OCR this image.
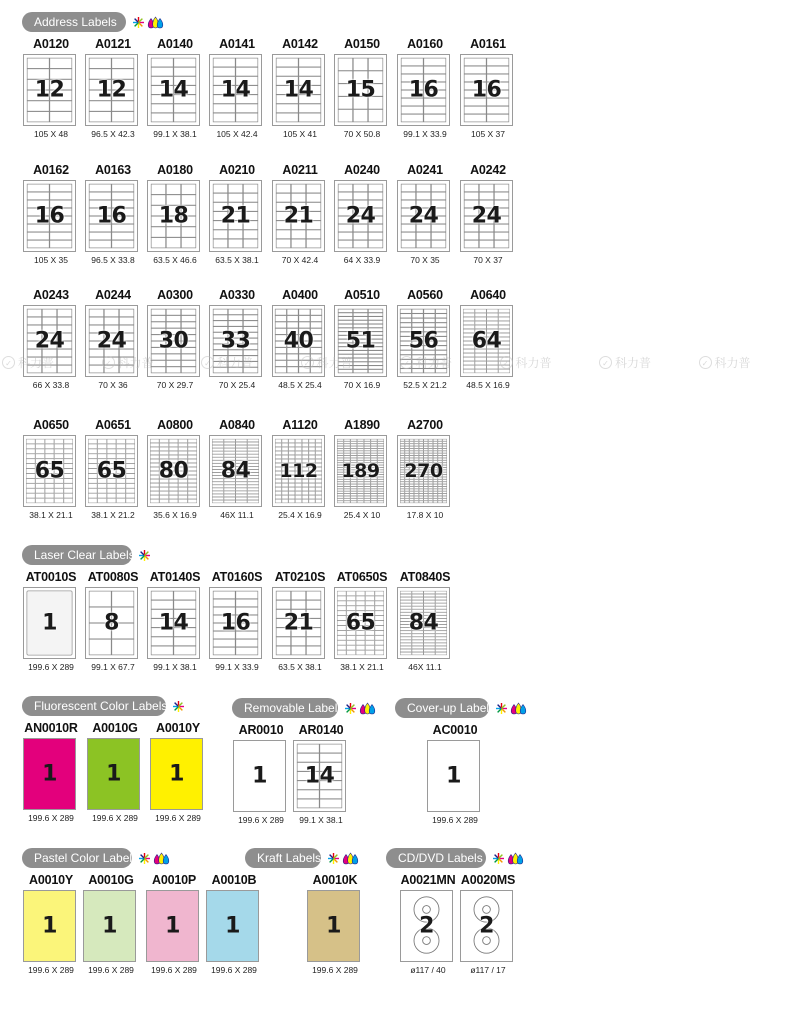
Address Labels
A0120
12
105 X 48
A0121
12
96.5 X 42.3
A0140
14
99.1 X 38.1
A0141
14
105 X 42.4
A0142
14
105 X 41
A0150
15
70 X 50.8
A0160
16
99.1 X 33.9
A0161
16
105 X 37
A0162
16
105 X 35
A0163
16
96.5 X 33.8
A0180
18
63.5 X 46.6
A0210
21
63.5 X 38.1
A0211
21
70 X 42.4
A0240
24
64 X 33.9
A0241
24
70 X 35
A0242
24
70 X 37
A0243
24
66 X 33.8
A0244
24
70 X 36
A0300
30
70 X 29.7
A0330
33
70 X 25.4
A0400
40
48.5 X 25.4
A0510
51
70 X 16.9
A0560
56
52.5 X 21.2
A0640
64
48.5 X 16.9
A0650
65
38.1 X 21.1
A0651
65
38.1 X 21.2
A0800
80
35.6 X 16.9
A0840
84
46X 11.1
A1120
112
25.4 X 16.9
A1890
189
25.4 X 10
A2700
270
17.8 X 10
Laser Clear Labels
AT0010S
1
199.6 X 289
AT0080S
8
99.1 X 67.7
AT0140S
14
99.1 X 38.1
AT0160S
16
99.1 X 33.9
AT0210S
21
63.5 X 38.1
AT0650S
65
38.1 X 21.1
AT0840S
84
46X 11.1
Fluorescent Color Labels
AN0010R
1
199.6 X 289
A0010G
1
199.6 X 289
A0010Y
1
199.6 X 289
Removable Labels
AR0010
1
199.6 X 289
AR0140
14
99.1 X 38.1
Cover-up Labels
AC0010
1
199.6 X 289
Pastel Color Labels
A0010Y
1
199.6 X 289
A0010G
1
199.6 X 289
A0010P
1
199.6 X 289
A0010B
1
199.6 X 289
Kraft Labels
A0010K
1
199.6 X 289
CD/DVD Labels
A0021MN
2
ø117 / 40
A0020MS
2
ø117 / 17
✓ 科力普	✓ 科力普	✓ 科力普	✓ 科力普	✓ 科力普	✓ 科力普	✓ 科力普	✓ 科力普
